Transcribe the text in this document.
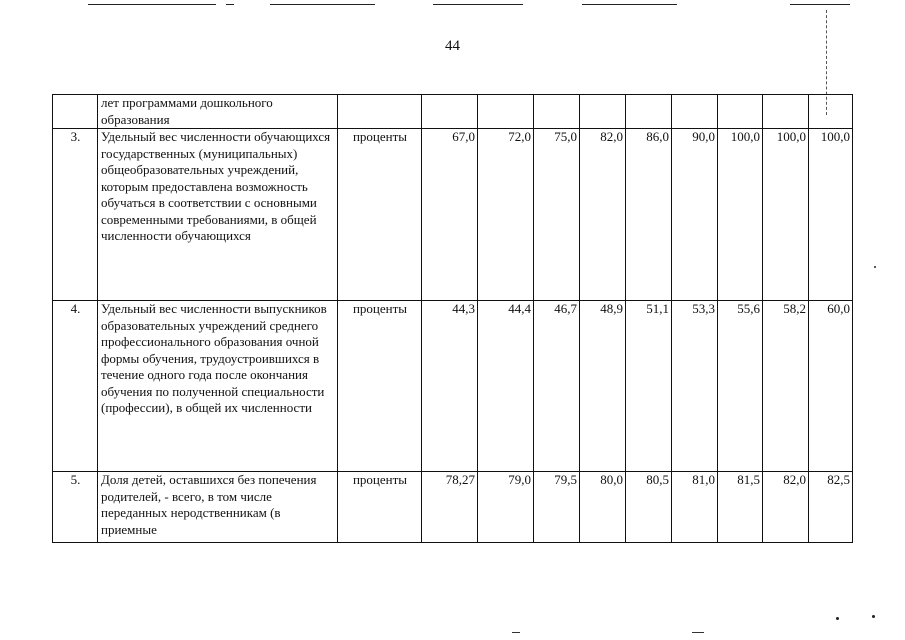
44
	лет программами дошкольного образования										
3.	Удельный вес численности обучающихся государственных (муниципальных) общеобразовательных учреждений, которым предоставлена возможность обучаться в соответствии с основными современными требованиями, в общей численности обучающихся	проценты	67,0	72,0	75,0	82,0	86,0	90,0	100,0	100,0	100,0
4.	Удельный вес численности выпускников образовательных учреждений среднего профессионального образования очной формы обучения, трудоустроившихся в течение одного года после окончания обучения по полученной специальности (профессии), в общей их численности	проценты	44,3	44,4	46,7	48,9	51,1	53,3	55,6	58,2	60,0
5.	Доля детей, оставшихся без попечения родителей, - всего, в том числе переданных неродственникам (в приемные	проценты	78,27	79,0	79,5	80,0	80,5	81,0	81,5	82,0	82,5
